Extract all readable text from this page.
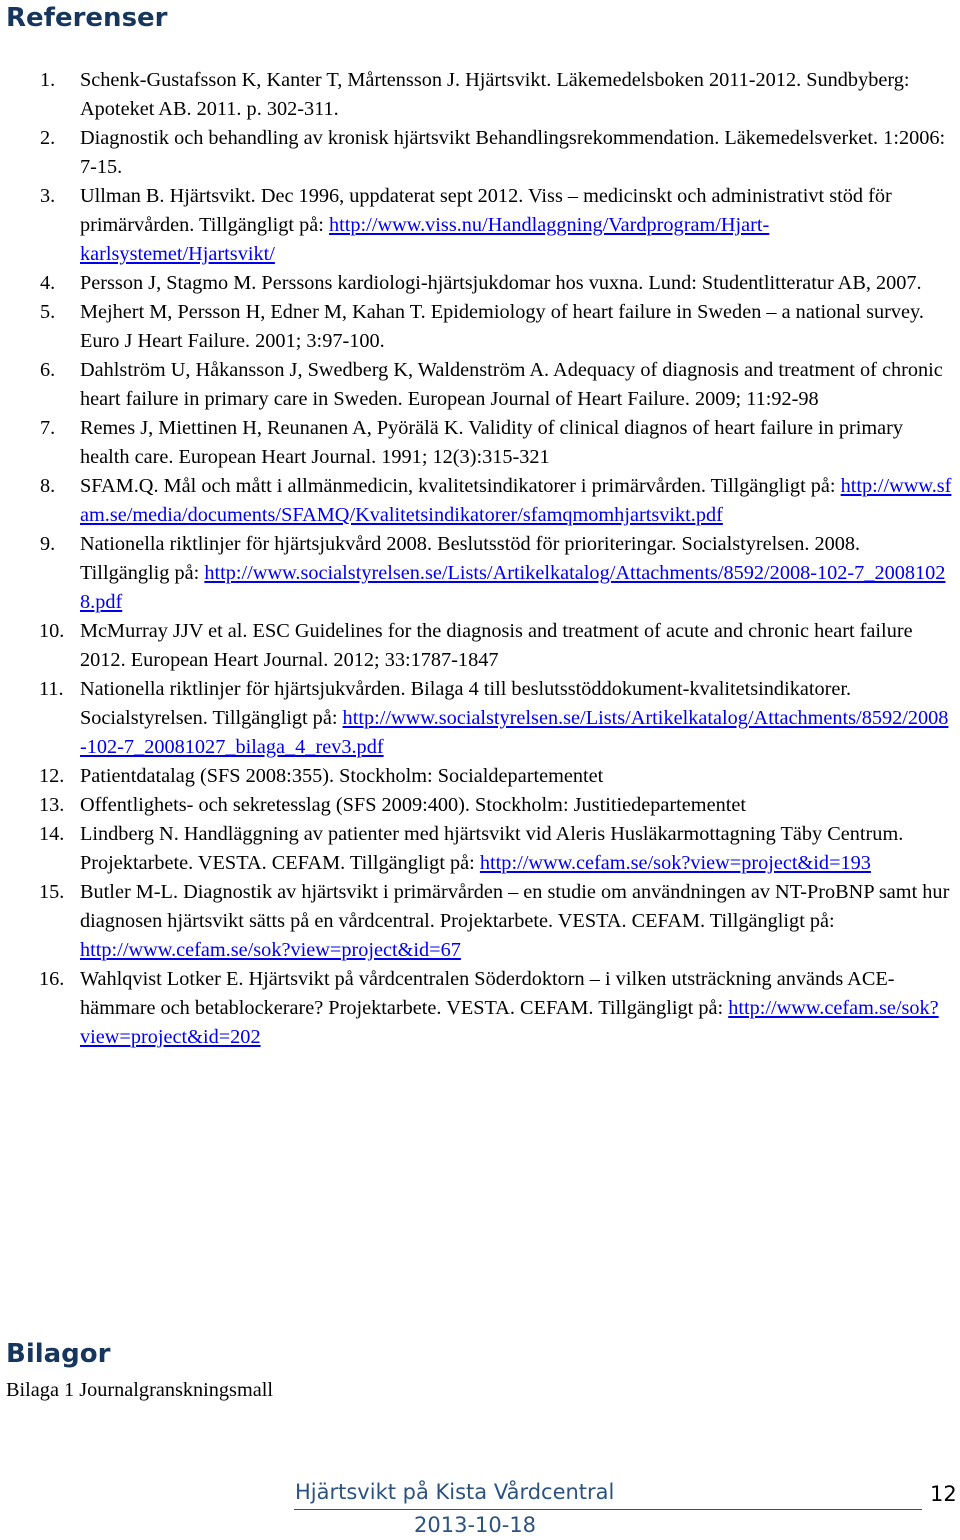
Referenser
1. Schenk-Gustafsson K, Kanter T, Mårtensson J. Hjärtsvikt. Läkemedelsboken 2011-2012. Sundbyberg: Apoteket AB. 2011. p. 302-311.
2. Diagnostik och behandling av kronisk hjärtsvikt Behandlingsrekommendation. Läkemedelsverket. 1:2006: 7-15.
3. Ullman B. Hjärtsvikt. Dec 1996, uppdaterat sept 2012. Viss – medicinskt och administrativt stöd för primärvården. Tillgängligt på: http://www.viss.nu/Handlaggning/Vardprogram/Hjart-karlsystemet/Hjartsvikt/
4. Persson J, Stagmo M. Perssons kardiologi-hjärtsjukdomar hos vuxna. Lund: Studentlitteratur AB, 2007.
5. Mejhert M, Persson H, Edner M, Kahan T. Epidemiology of heart failure in Sweden – a national survey. Euro J Heart Failure. 2001; 3:97-100.
6. Dahlström U, Håkansson J, Swedberg K, Waldenström A. Adequacy of diagnosis and treatment of chronic heart failure in primary care in Sweden. European Journal of Heart Failure. 2009; 11:92-98
7. Remes J, Miettinen H, Reunanen A, Pyörälä K. Validity of clinical diagnos of heart failure in primary health care. European Heart Journal. 1991; 12(3):315-321
8. SFAM.Q. Mål och mått i allmänmedicin, kvalitetsindikatorer i primärvården. Tillgängligt på: http://www.sfam.se/media/documents/SFAMQ/Kvalitetsindikatorer/sfamqmomhjartsvikt.pdf
9. Nationella riktlinjer för hjärtsjukvård 2008. Beslutsstöd för prioriteringar. Socialstyrelsen. 2008. Tillgänglig på: http://www.socialstyrelsen.se/Lists/Artikelkatalog/Attachments/8592/2008-102-7_20081028.pdf
10. McMurray JJV et al. ESC Guidelines for the diagnosis and treatment of acute and chronic heart failure 2012. European Heart Journal. 2012; 33:1787-1847
11. Nationella riktlinjer för hjärtsjukvården. Bilaga 4 till beslutsstöddokument-kvalitetsindikatorer. Socialstyrelsen. Tillgängligt på: http://www.socialstyrelsen.se/Lists/Artikelkatalog/Attachments/8592/2008-102-7_20081027_bilaga_4_rev3.pdf
12. Patientdatalag (SFS 2008:355). Stockholm: Socialdepartementet
13. Offentlighets- och sekretesslag (SFS 2009:400). Stockholm: Justitiedepartementet
14. Lindberg N. Handläggning av patienter med hjärtsvikt vid Aleris Husläkarmottagning Täby Centrum. Projektarbete. VESTA. CEFAM. Tillgängligt på: http://www.cefam.se/sok?view=project&id=193
15. Butler M-L. Diagnostik av hjärtsvikt i primärvården – en studie om användningen av NT-ProBNP samt hur diagnosen hjärtsvikt sätts på en vårdcentral. Projektarbete. VESTA. CEFAM. Tillgängligt på: http://www.cefam.se/sok?view=project&id=67
16. Wahlqvist Lotker E. Hjärtsvikt på vårdcentralen Söderdoktorn – i vilken utsträckning används ACE-hämmare och betablockerare? Projektarbete. VESTA. CEFAM. Tillgängligt på: http://www.cefam.se/sok?view=project&id=202
Bilagor

Bilaga 1 Journalgranskningsmall

Hjärtsvikt på Kista Vårdcentral	12

2013-10-18
